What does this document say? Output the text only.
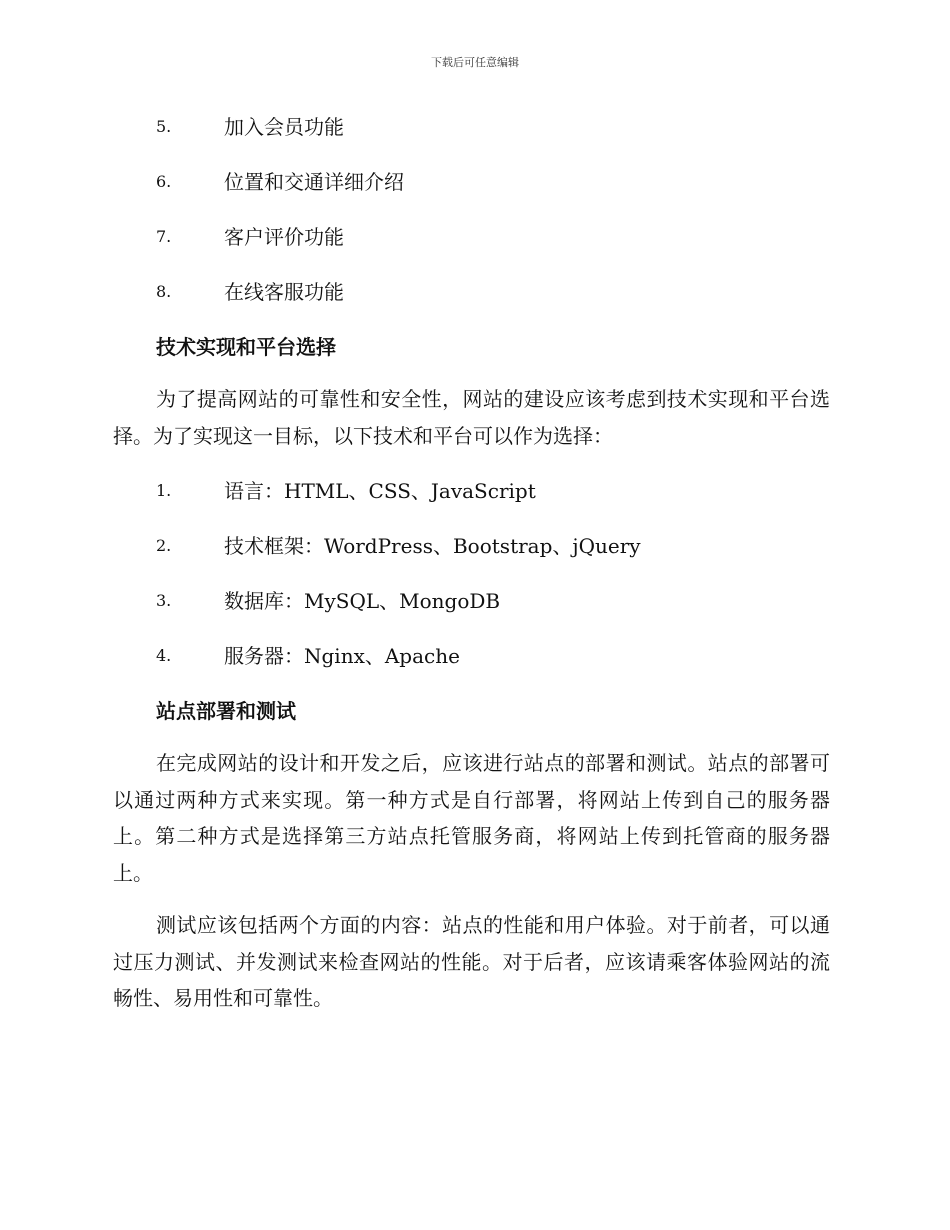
下载后可任意编辑
5.	加入会员功能
6.	位置和交通详细介绍
7.	客户评价功能
8.	在线客服功能
技术实现和平台选择

为了提高网站的可靠性和安全性，网站的建设应该考虑到技术实现和平台选择。为了实现这一目标，以下技术和平台可以作为选择：

1.	语言：HTML、CSS、JavaScript
2.	技术框架：WordPress、Bootstrap、jQuery
3.	数据库：MySQL、MongoDB
4.	服务器：Nginx、Apache
站点部署和测试

在完成网站的设计和开发之后，应该进行站点的部署和测试。站点的部署可以通过两种方式来实现。第一种方式是自行部署，将网站上传到自己的服务器上。第二种方式是选择第三方站点托管服务商，将网站上传到托管商的服务器上。

测试应该包括两个方面的内容：站点的性能和用户体验。对于前者，可以通过压力测试、并发测试来检查网站的性能。对于后者，应该请乘客体验网站的流畅性、易用性和可靠性。
